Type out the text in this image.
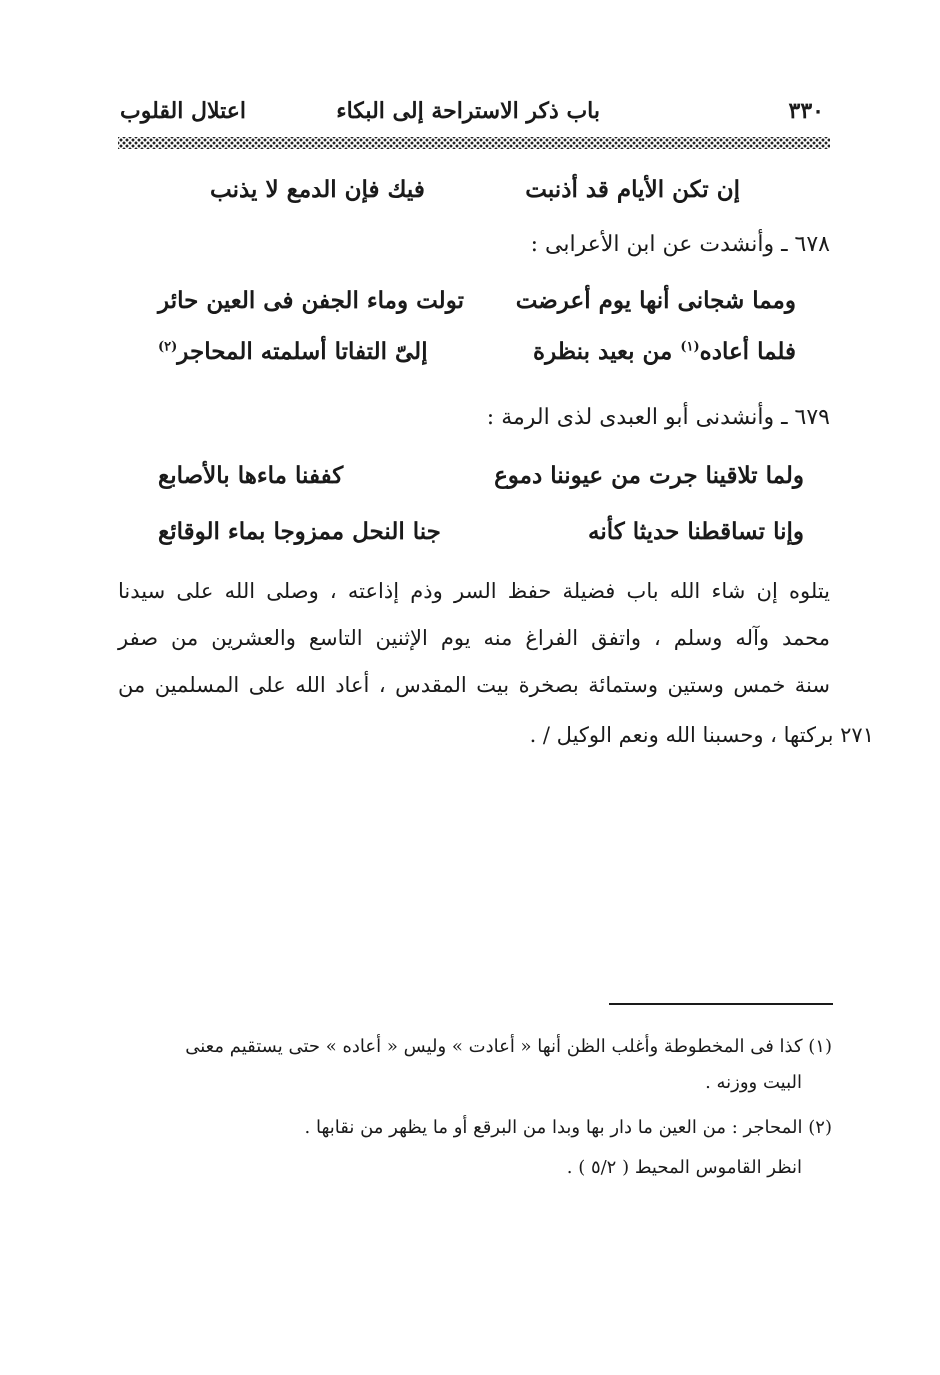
٣٣٠
باب ذكر الاستراحة إلى البكاء
اعتلال القلوب
إن تكن الأيام قد أذنبت
فيك فإن الدمع لا يذنب
٦٧٨ ـ وأنشدت عن ابن الأعرابى :
ومما شجانى أنها يوم أعرضت
تولت وماء الجفن فى العين حائر
فلما أعاده$^{(١)}$ من بعيد بنظرة
إلىّ التفاتا أسلمته المحاجر$^{(٢)}$
٦٧٩ ـ وأنشدنى أبو العبدى لذى الرمة :
ولما تلاقينا جرت من عيوننا دموع
كففنا ماءها بالأصابع
وإنا تساقطنا حديثا كأنه
جنا النحل ممزوجا بماء الوقائع
يتلوه إن شاء الله باب فضيلة حفظ السر وذم إذاعته ، وصلى الله على سيدنا
محمد وآله وسلم ، واتفق الفراغ منه يوم الإثنين التاسع والعشرين من صفر
سنة خمس وستين وستمائة بصخرة بيت المقدس ، أعاد الله على المسلمين من
٢٧١ بركتها ، وحسبنا الله ونعم الوكيل / .
(١) كذا فى المخطوطة وأغلب الظن أنها « أعادت » وليس « أعاده » حتى يستقيم معنى
البيت ووزنه .
(٢) المحاجر : من العين ما دار بها وبدا من البرقع أو ما يظهر من نقابها .
انظر القاموس المحيط ( ٥/٢ ) .
